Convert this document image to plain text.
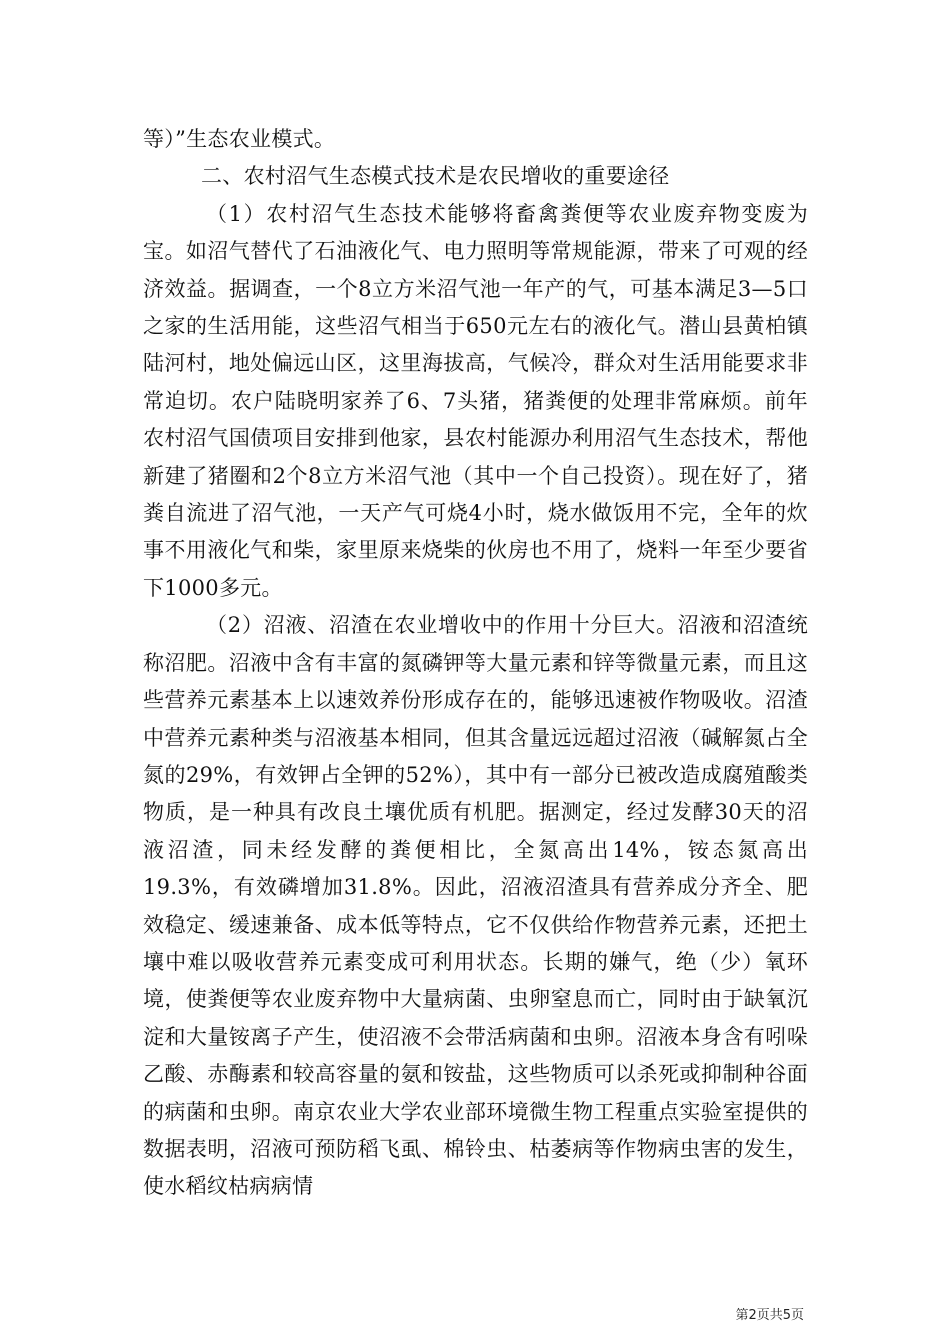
等）”生态农业模式。

二、农村沼气生态模式技术是农民增收的重要途径

（1）农村沼气生态技术能够将畜禽粪便等农业废弃物变废为宝。如沼气替代了石油液化气、电力照明等常规能源，带来了可观的经济效益。据调查，一个8立方米沼气池一年产的气，可基本满足3—5口之家的生活用能，这些沼气相当于650元左右的液化气。潜山县黄柏镇陆河村，地处偏远山区，这里海拔高，气候冷，群众对生活用能要求非常迫切。农户陆晓明家养了6、7头猪，猪粪便的处理非常麻烦。前年农村沼气国债项目安排到他家，县农村能源办利用沼气生态技术，帮他新建了猪圈和2个8立方米沼气池（其中一个自己投资）。现在好了，猪粪自流进了沼气池，一天产气可烧4小时，烧水做饭用不完，全年的炊事不用液化气和柴，家里原来烧柴的伙房也不用了，烧料一年至少要省下1000多元。

（2）沼液、沼渣在农业增收中的作用十分巨大。沼液和沼渣统称沼肥。沼液中含有丰富的氮磷钾等大量元素和锌等微量元素，而且这些营养元素基本上以速效养份形成存在的，能够迅速被作物吸收。沼渣中营养元素种类与沼液基本相同，但其含量远远超过沼液（碱解氮占全氮的29%，有效钾占全钾的52%），其中有一部分已被改造成腐殖酸类物质，是一种具有改良土壤优质有机肥。据测定，经过发酵30天的沼液沼渣，同未经发酵的粪便相比，全氮高出14%，铵态氮高出19.3%，有效磷增加31.8%。因此，沼液沼渣具有营养成分齐全、肥效稳定、缓速兼备、成本低等特点，它不仅供给作物营养元素，还把土壤中难以吸收营养元素变成可利用状态。长期的嫌气，绝（少）氧环境，使粪便等农业废弃物中大量病菌、虫卵窒息而亡，同时由于缺氧沉淀和大量铵离子产生，使沼液不会带活病菌和虫卵。沼液本身含有吲哚乙酸、赤酶素和较高容量的氨和铵盐，这些物质可以杀死或抑制种谷面的病菌和虫卵。南京农业大学农业部环境微生物工程重点实验室提供的数据表明，沼液可预防稻飞虱、棉铃虫、枯萎病等作物病虫害的发生，使水稻纹枯病病情

第2页共5页
